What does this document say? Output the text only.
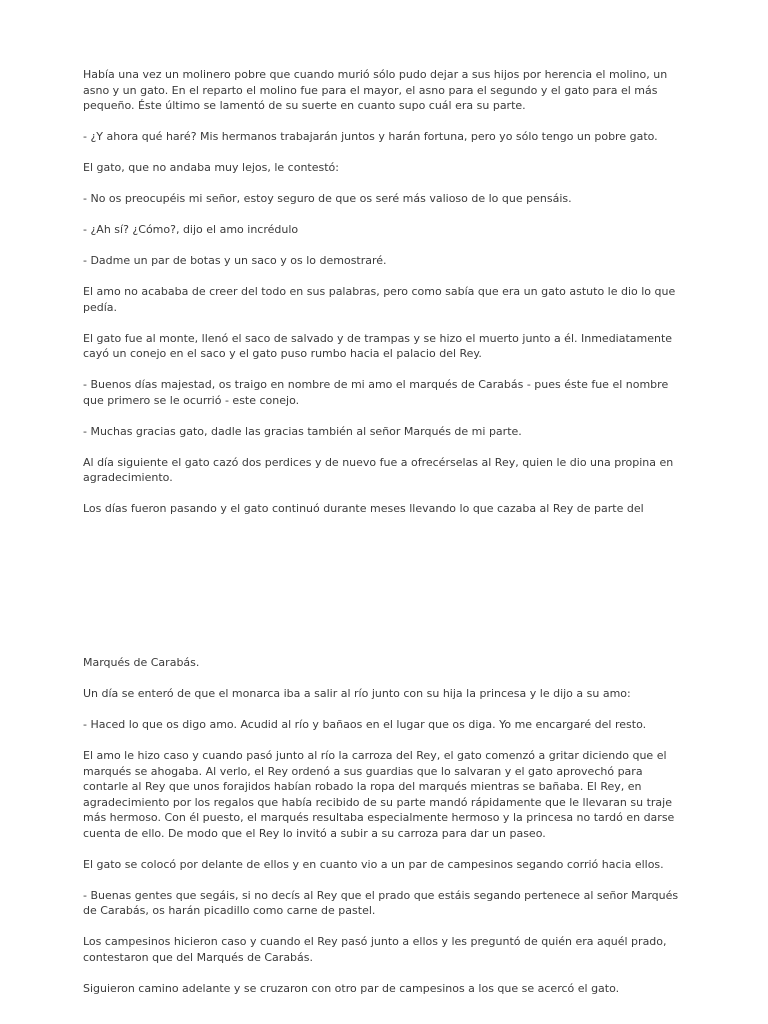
Había una vez un molinero pobre que cuando murió sólo pudo dejar a sus hijos por herencia el molino, un asno y un gato. En el reparto el molino fue para el mayor, el asno para el segundo y el gato para el más pequeño. Éste último se lamentó de su suerte en cuanto supo cuál era su parte.

- ¿Y ahora qué haré? Mis hermanos trabajarán juntos y harán fortuna, pero yo sólo tengo un pobre gato.

El gato, que no andaba muy lejos, le contestó:

- No os preocupéis mi señor, estoy seguro de que os seré más valioso de lo que pensáis.

- ¿Ah sí? ¿Cómo?, dijo el amo incrédulo

- Dadme un par de botas y un saco y os lo demostraré.

El amo no acababa de creer del todo en sus palabras, pero como sabía que era un gato astuto le dio lo que pedía.

El gato fue al monte, llenó el saco de salvado y de trampas y se hizo el muerto junto a él. Inmediatamente cayó un conejo en el saco y el gato puso rumbo hacia el palacio del Rey.

- Buenos días majestad, os traigo en nombre de mi amo el marqués de Carabás - pues éste fue el nombre que primero se le ocurrió - este conejo.

- Muchas gracias gato, dadle las gracias también al señor Marqués de mi parte.

Al día siguiente el gato cazó dos perdices y de nuevo fue a ofrecérselas al Rey, quien le dio una propina en agradecimiento.

Los días fueron pasando y el gato continuó durante meses llevando lo que cazaba al Rey de parte del

Marqués de Carabás.

Un día se enteró de que el monarca iba a salir al río junto con su hija la princesa y le dijo a su amo:

- Haced lo que os digo amo. Acudid al río y bañaos en el lugar que os diga. Yo me encargaré del resto.

El amo le hizo caso y cuando pasó junto al río la carroza del Rey, el gato comenzó a gritar diciendo que el marqués se ahogaba. Al verlo, el Rey ordenó a sus guardias que lo salvaran y el gato aprovechó para contarle al Rey que unos forajidos habían robado la ropa del marqués mientras se bañaba. El Rey, en agradecimiento por los regalos que había recibido de su parte mandó rápidamente que le llevaran su traje más hermoso. Con él puesto, el marqués resultaba especialmente hermoso y la princesa no tardó en darse cuenta de ello. De modo que el Rey lo invitó a subir a su carroza para dar un paseo.

El gato se colocó por delante de ellos y en cuanto vio a un par de campesinos segando corrió hacia ellos.

- Buenas gentes que segáis, si no decís al Rey que el prado que estáis segando pertenece al señor Marqués de Carabás, os harán picadillo como carne de pastel.

Los campesinos hicieron caso y cuando el Rey pasó junto a ellos y les preguntó de quién era aquél prado, contestaron que del Marqués de Carabás.

Siguieron camino adelante y se cruzaron con otro par de campesinos a los que se acercó el gato.
